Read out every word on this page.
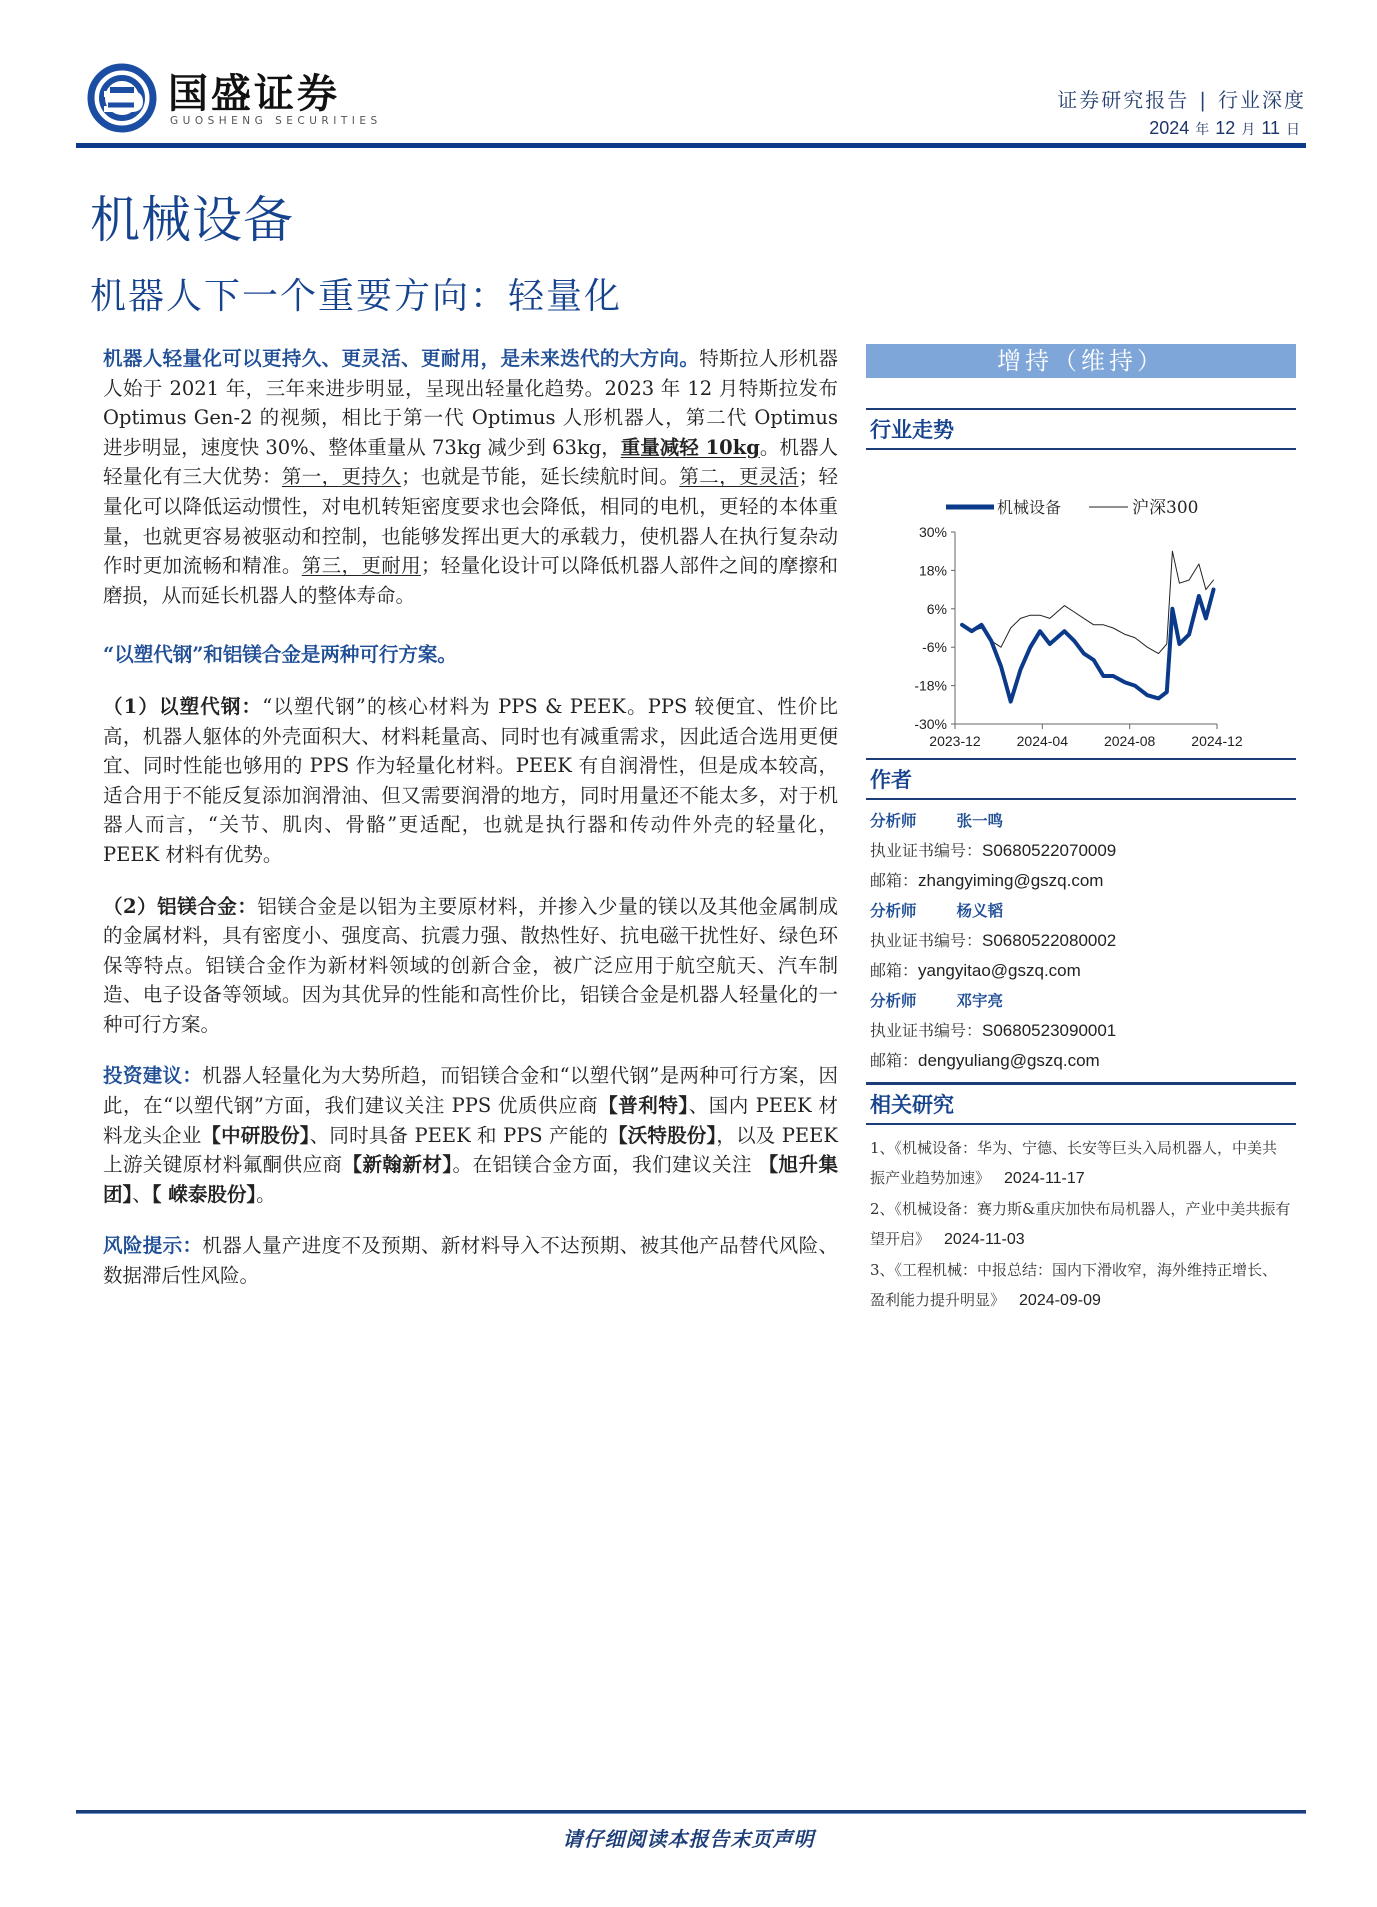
国盛证券
GUOSHENG SECURITIES
证券研究报告 | 行业深度
2024 年 12 月 11 日
机械设备
机器人下一个重要方向：轻量化

机器人轻量化可以更持久、更灵活、更耐用，是未来迭代的大方向。特斯拉人形机器人始于 2021 年，三年来进步明显，呈现出轻量化趋势。2023 年 12 月特斯拉发布 Optimus Gen-2 的视频，相比于第一代 Optimus 人形机器人，第二代 Optimus 进步明显，速度快 30%、整体重量从 73kg 减少到 63kg，重量减轻 10kg。机器人轻量化有三大优势：第一，更持久；也就是节能，延长续航时间。第二，更灵活；轻量化可以降低运动惯性，对电机转矩密度要求也会降低，相同的电机，更轻的本体重量，也就更容易被驱动和控制，也能够发挥出更大的承载力，使机器人在执行复杂动作时更加流畅和精准。第三，更耐用；轻量化设计可以降低机器人部件之间的摩擦和磨损，从而延长机器人的整体寿命。

“以塑代钢”和铝镁合金是两种可行方案。

（1）以塑代钢：“以塑代钢”的核心材料为 PPS & PEEK。PPS 较便宜、性价比高，机器人躯体的外壳面积大、材料耗量高、同时也有减重需求，因此适合选用更便宜、同时性能也够用的 PPS 作为轻量化材料。PEEK 有自润滑性，但是成本较高，适合用于不能反复添加润滑油、但又需要润滑的地方，同时用量还不能太多，对于机器人而言，“关节、肌肉、骨骼”更适配，也就是执行器和传动件外壳的轻量化，PEEK 材料有优势。

（2）铝镁合金：铝镁合金是以铝为主要原材料，并掺入少量的镁以及其他金属制成的金属材料，具有密度小、强度高、抗震力强、散热性好、抗电磁干扰性好、绿色环保等特点。铝镁合金作为新材料领域的创新合金，被广泛应用于航空航天、汽车制造、电子设备等领域。因为其优异的性能和高性价比，铝镁合金是机器人轻量化的一种可行方案。

投资建议：机器人轻量化为大势所趋，而铝镁合金和“以塑代钢”是两种可行方案，因此，在“以塑代钢”方面，我们建议关注 PPS 优质供应商【普利特】、国内 PEEK 材料龙头企业【中研股份】、同时具备 PEEK 和 PPS 产能的【沃特股份】，以及 PEEK 上游关键原材料氟酮供应商【新翰新材】。在铝镁合金方面，我们建议关注 【旭升集团】、【 嵘泰股份】。

风险提示：机器人量产进度不及预期、新材料导入不达预期、被其他产品替代风险、数据滞后性风险。

增持（维持）
行业走势
30%
18%
6%
-6%
-18%
-30%
2023-12	2024-04	2024-08	2024-12
机械设备	沪深300
作者
分析师	张一鸣
执业证书编号：S0680522070009
邮箱：zhangyiming@gszq.com
分析师	杨义韬
执业证书编号：S0680522080002
邮箱：yangyitao@gszq.com
分析师	邓宇亮
执业证书编号：S0680523090001
邮箱：dengyuliang@gszq.com
相关研究
1、《机械设备：华为、宁德、长安等巨头入局机器人，中美共振产业趋势加速》 2024-11-17
2、《机械设备：赛力斯&重庆加快布局机器人，产业中美共振有望开启》 2024-11-03
3、《工程机械：中报总结：国内下滑收窄，海外维持正增长、盈利能力提升明显》 2024-09-09
请仔细阅读本报告末页声明
